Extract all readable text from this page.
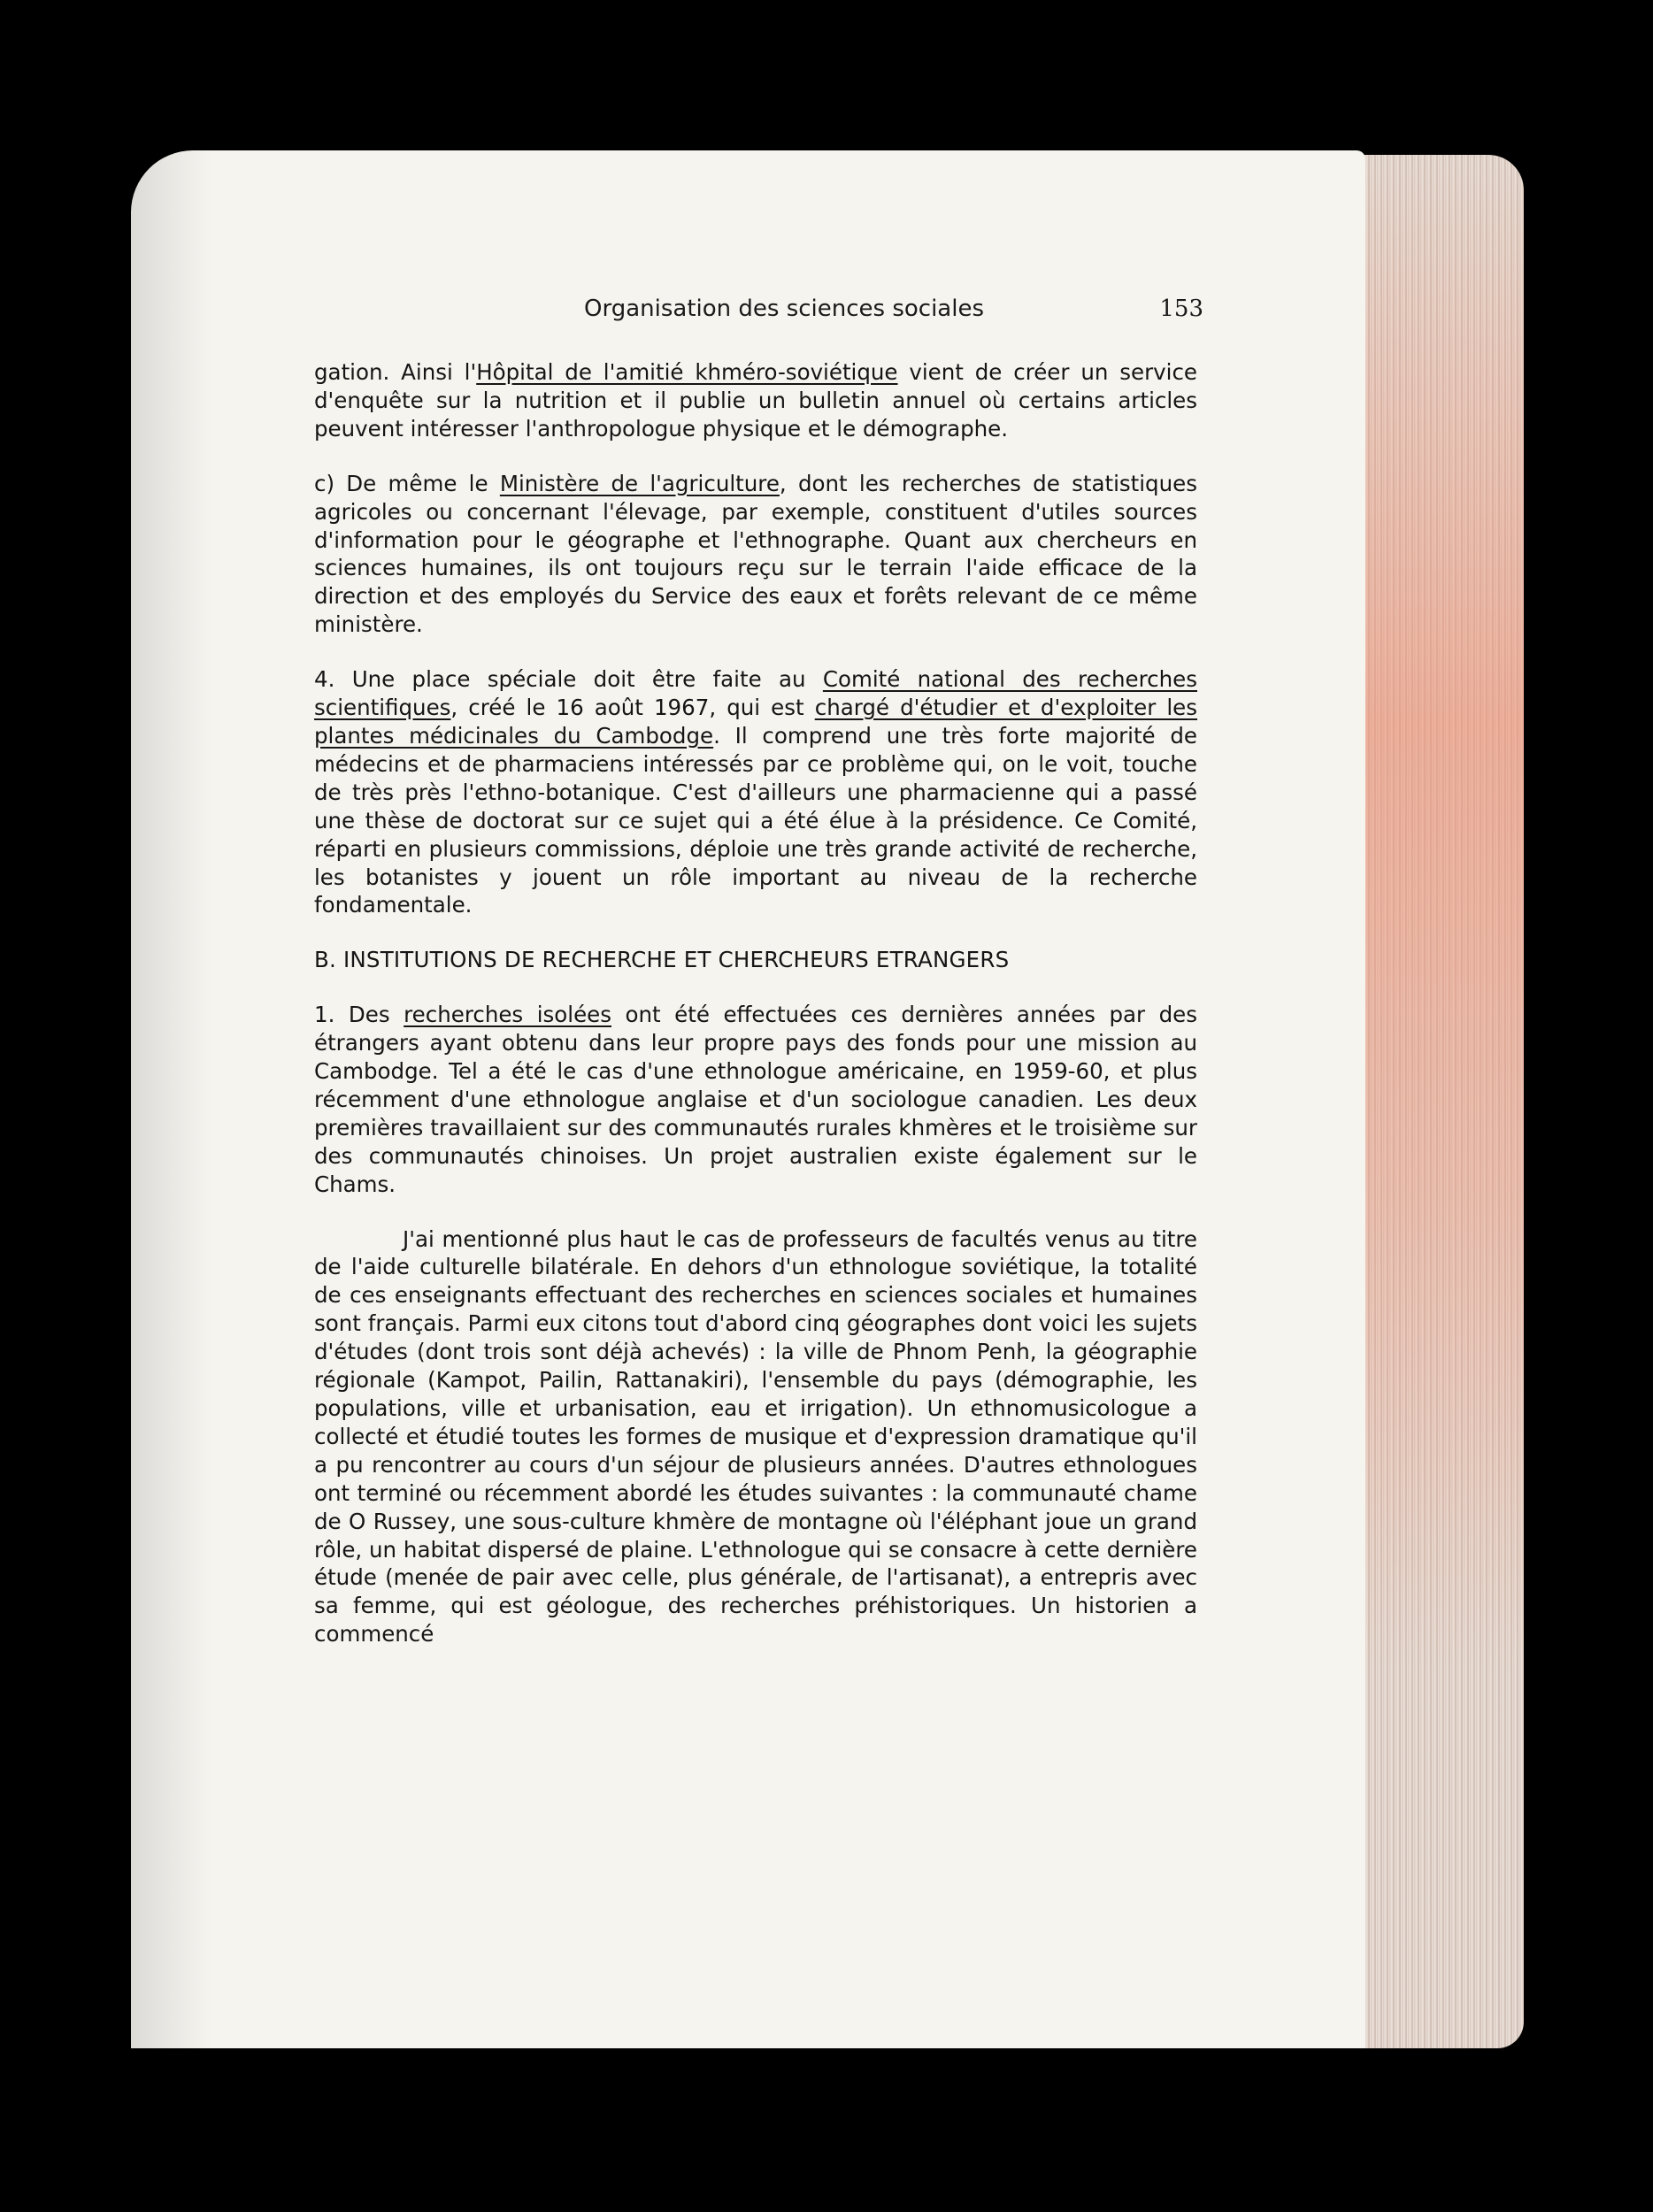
Organisation des sciences sociales	153

gation. Ainsi l'Hôpital de l'amitié khméro-soviétique vient de créer un service d'enquête sur la nutrition et il publie un bulletin annuel où certains articles peuvent intéresser l'anthropologue physique et le démographe.

c) De même le Ministère de l'agriculture, dont les recherches de statistiques agricoles ou concernant l'élevage, par exemple, constituent d'utiles sources d'information pour le géographe et l'ethnographe. Quant aux chercheurs en sciences humaines, ils ont toujours reçu sur le terrain l'aide efficace de la direction et des employés du Service des eaux et forêts relevant de ce même ministère.

4. Une place spéciale doit être faite au Comité national des recherches scientifiques, créé le 16 août 1967, qui est chargé d'étudier et d'exploiter les plantes médicinales du Cambodge. Il comprend une très forte majorité de médecins et de pharmaciens intéressés par ce problème qui, on le voit, touche de très près l'ethno-botanique. C'est d'ailleurs une pharmacienne qui a passé une thèse de doctorat sur ce sujet qui a été élue à la présidence. Ce Comité, réparti en plusieurs commissions, déploie une très grande activité de recherche, les botanistes y jouent un rôle important au niveau de la recherche fondamentale.

B. INSTITUTIONS DE RECHERCHE ET CHERCHEURS ETRANGERS

1. Des recherches isolées ont été effectuées ces dernières années par des étrangers ayant obtenu dans leur propre pays des fonds pour une mission au Cambodge. Tel a été le cas d'une ethnologue américaine, en 1959-60, et plus récemment d'une ethnologue anglaise et d'un sociologue canadien. Les deux premières travaillaient sur des communautés rurales khmères et le troisième sur des communautés chinoises. Un projet australien existe également sur le Chams.

J'ai mentionné plus haut le cas de professeurs de facultés venus au titre de l'aide culturelle bilatérale. En dehors d'un ethnologue soviétique, la totalité de ces enseignants effectuant des recherches en sciences sociales et humaines sont français. Parmi eux citons tout d'abord cinq géographes dont voici les sujets d'études (dont trois sont déjà achevés) : la ville de Phnom Penh, la géographie régionale (Kampot, Pailin, Rattanakiri), l'ensemble du pays (démographie, les populations, ville et urbanisation, eau et irrigation). Un ethnomusicologue a collecté et étudié toutes les formes de musique et d'expression dramatique qu'il a pu rencontrer au cours d'un séjour de plusieurs années. D'autres ethnologues ont terminé ou récemment abordé les études suivantes : la communauté chame de O Russey, une sous-culture khmère de montagne où l'éléphant joue un grand rôle, un habitat dispersé de plaine. L'ethnologue qui se consacre à cette dernière étude (menée de pair avec celle, plus générale, de l'artisanat), a entrepris avec sa femme, qui est géologue, des recherches préhistoriques. Un historien a commencé
